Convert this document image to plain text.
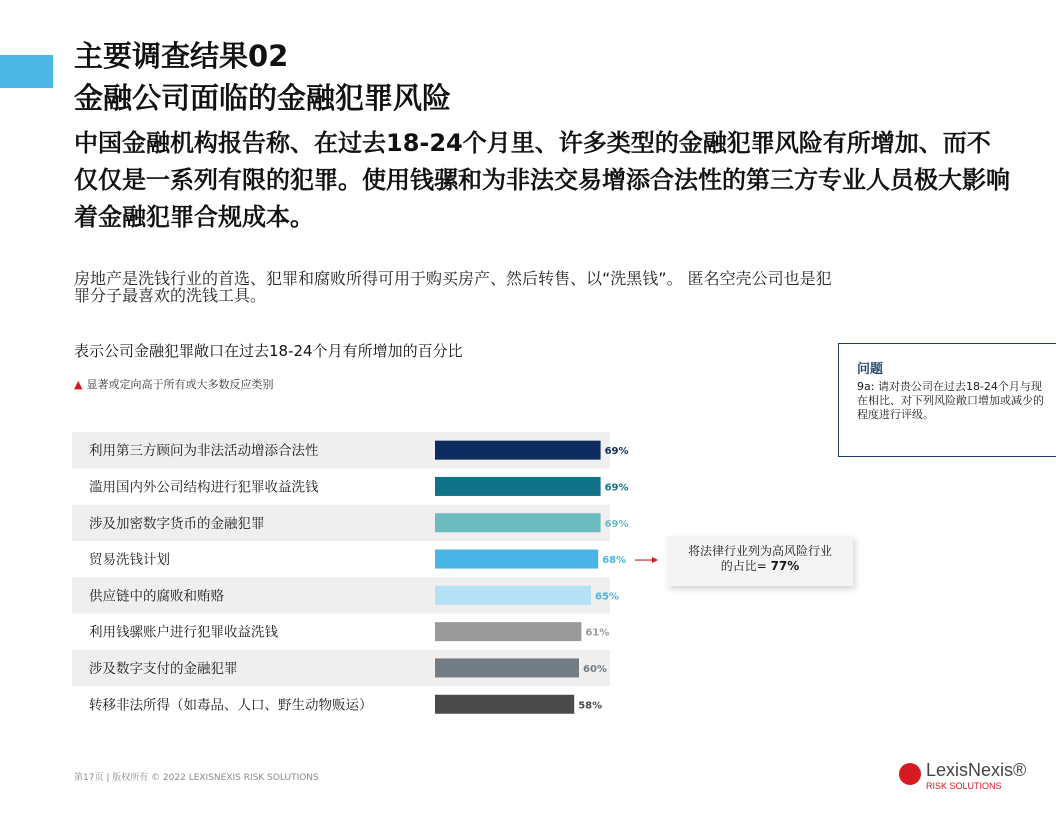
主要调查结果02
金融公司面临的金融犯罪风险
中国金融机构报告称、在过去18-24个月里、许多类型的金融犯罪风险有所增加、而不仅仅是一系列有限的犯罪。使用钱骡和为非法交易增添合法性的第三方专业人员极大影响着金融犯罪合规成本。
房地产是洗钱行业的首选、犯罪和腐败所得可用于购买房产、然后转售、以“洗黑钱”。 匿名空壳公司也是犯罪分子最喜欢的洗钱工具。
表示公司金融犯罪敞口在过去18-24个月有所增加的百分比
▲ 显著或定向高于所有或大多数反应类别
问题
9a: 请对贵公司在过去18-24个月与现在相比、对下列风险敞口增加或减少的程度进行评级。
利用第三方顾问为非法活动增添合法性	69%
滥用国内外公司结构进行犯罪收益洗钱	69%
涉及加密数字货币的金融犯罪	69%
贸易洗钱计划	68%
供应链中的腐败和贿赂	65%
利用钱骡账户进行犯罪收益洗钱	61%
涉及数字支付的金融犯罪	60%
转移非法所得（如毒品、人口、野生动物贩运）	58%
将法律行业列为高风险行业
的占比= 77%
第17页 | 版权所有 © 2022 LEXISNEXIS RISK SOLUTIONS	LexisNexis®
RISK SOLUTIONS
